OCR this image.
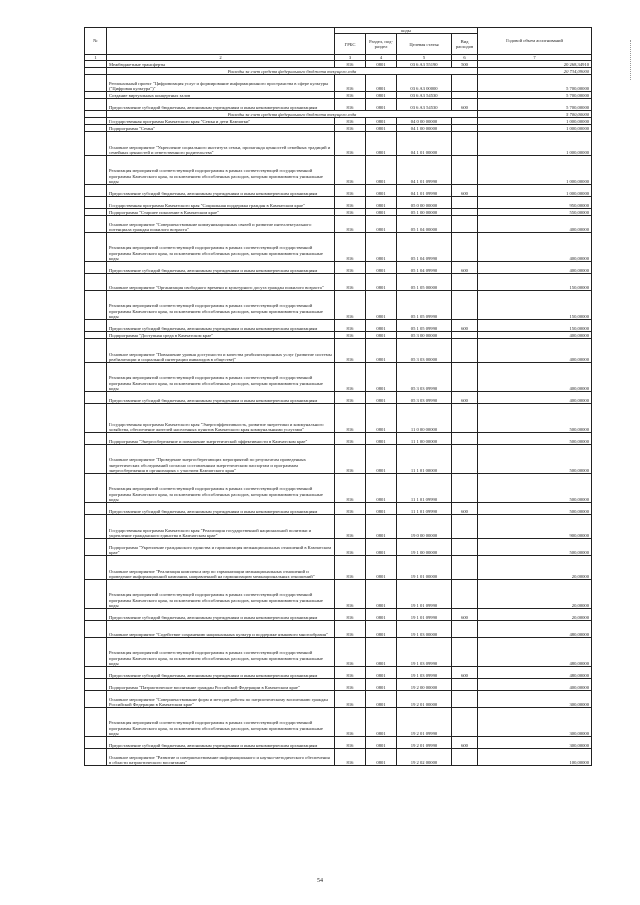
№		коды				Годовой объем ассигнований
		ГРБС	Раздел, под-раздел	Целевая статья	Вид расходов	
1	2	3	4	5	6	7
	Межбюджетные трансферты	816	0801	03 6 A3 55190	500	20 268,34910
	Расходы за счет средств федерального бюджета текущего года					20 734,09000
	Региональный проект "Цифровизация услуг и формирование информационного пространства в сфере культуры ("Цифровая культура")"	816	0801	03 6 A3 00000		5 700,00000
	Создание виртуальных концертных залов	816	0801	03 6 A3 54530		5 700,00000
	Предоставление субсидий бюджетным, автономным учреждениям и иным некоммерческим организациям	816	0801	03 6 A3 54530	600	5 700,00000
	Расходы за счет средств федерального бюджета текущего года					5 700,00000
	Государственная программа Камчатского края "Семья и дети Камчатки"	816	0801	04 0 00 00000		1 000,00000
	Подпрограмма "Семья"	816	0801	04 1 00 00000		1 000,00000
	Основное мероприятие "Укрепление социального института семьи, пропаганда ценностей семейных традиций и семейных ценностей и ответственного родительства"	816	0801	04 1 01 00000		1 000,00000
	Реализация мероприятий соответствующей подпрограммы в рамках соответствующей государственной программы Камчатского края, за исключением обособленных расходов, которым присваиваются уникальные коды	816	0801	04 1 01 09990		1 000,00000
	Предоставление субсидий бюджетным, автономным учреждениям и иным некоммерческим организациям	816	0801	04 1 01 09990	600	1 000,00000
	Государственная программа Камчатского края "Социальная поддержка граждан в Камчатском крае"	816	0801	05 0 00 00000		950,00000
	Подпрограмма "Старшее поколение в Камчатском крае"	816	0801	05 1 00 00000		550,00000
	Основное мероприятие "Совершенствование коммуникационных связей и развитие интеллектуального потенциала граждан пожилого возраста"	816	0801	05 1 04 00000		400,00000
	Реализация мероприятий соответствующей подпрограммы в рамках соответствующей государственной программы Камчатского края, за исключением обособленных расходов, которым присваиваются уникальные коды	816	0801	05 1 04 09990		400,00000
	Предоставление субсидий бюджетным, автономным учреждениям и иным некоммерческим организациям	816	0801	05 1 04 09990	600	400,00000
	Основное мероприятие "Организация свободного времени и культурного досуга граждан пожилого возраста"	816	0801	05 1 05 00000		150,00000
	Реализация мероприятий соответствующей подпрограммы в рамках соответствующей государственной программы Камчатского края, за исключением обособленных расходов, которым присваиваются уникальные коды	816	0801	05 1 05 09990		150,00000
	Предоставление субсидий бюджетным, автономным учреждениям и иным некоммерческим организациям	816	0801	05 1 05 09990	600	150,00000
	Подпрограмма "Доступная среда в Камчатском крае"	816	0801	05 3 00 00000		400,00000
	Основное мероприятие "Повышение уровня доступности и качества реабилитационных услуг (развитие системы реабилитации и социальной интеграции инвалидов в обществе)"	816	0801	05 3 03 00000		400,00000
	Реализация мероприятий соответствующей подпрограммы в рамках соответствующей государственной программы Камчатского края, за исключением обособленных расходов, которым присваиваются уникальные коды	816	0801	05 3 03 09990		400,00000
	Предоставление субсидий бюджетным, автономным учреждениям и иным некоммерческим организациям	816	0801	05 3 03 09990	600	400,00000
	Государственная программа Камчатского края "Энергоэффективность, развитие энергетики и коммунального хозяйства, обеспечение жителей населенных пунктов Камчатского края коммунальными услугами"	816	0801	11 0 00 00000		500,00000
	Подпрограмма "Энергосбережение и повышение энергетической эффективности в Камчатском крае"	816	0801	11 1 00 00000		500,00000
	Основное мероприятие "Проведение энергосберегающих мероприятий по результатам проведенных энергетических обследований согласно составленным энергетическим паспортам и программам энергосбережения в организациях с участием Камчатского края"	816	0801	11 1 01 00000		500,00000
	Реализация мероприятий соответствующей подпрограммы в рамках соответствующей государственной программы Камчатского края, за исключением обособленных расходов, которым присваиваются уникальные коды	816	0801	11 1 01 09990		500,00000
	Предоставление субсидий бюджетным, автономным учреждениям и иным некоммерческим организациям	816	0801	11 1 01 09990	600	500,00000
	Государственная программа Камчатского края "Реализация государственной национальной политики и укрепление гражданского единства в Камчатском крае"	816	0801	19 0 00 00000		900,00000
	Подпрограмма "Укрепление гражданского единства и гармонизация межнациональных отношений в Камчатском крае"	816	0801	19 1 00 00000		500,00000
	Основное мероприятие "Реализация комплекса мер по гармонизации межнациональных отношений и проведение информационной кампании, направленной на гармонизацию межнациональных отношений"	816	0801	19 1 01 00000		20,00000
	Реализация мероприятий соответствующей подпрограммы в рамках соответствующей государственной программы Камчатского края, за исключением обособленных расходов, которым присваиваются уникальные коды	816	0801	19 1 01 09990		20,00000
	Предоставление субсидий бюджетным, автономным учреждениям и иным некоммерческим организациям	816	0801	19 1 01 09990	600	20,00000
	Основное мероприятие "Содействие сохранению национальных культур и поддержке языкового многообразия"	816	0801	19 1 03 00000		480,00000
	Реализация мероприятий соответствующей подпрограммы в рамках соответствующей государственной программы Камчатского края, за исключением обособленных расходов, которым присваиваются уникальные коды	816	0801	19 1 03 09990		480,00000
	Предоставление субсидий бюджетным, автономным учреждениям и иным некоммерческим организациям	816	0801	19 1 03 09990	600	480,00000
	Подпрограмма "Патриотическое воспитание граждан Российской Федерации в Камчатском крае"	816	0801	19 2 00 00000		400,00000
	Основное мероприятие "Совершенствование форм и методов работы по патриотическому воспитанию граждан Российской Федерации в Камчатском крае"	816	0801	19 2 01 00000		300,00000
	Реализация мероприятий соответствующей подпрограммы в рамках соответствующей государственной программы Камчатского края, за исключением обособленных расходов, которым присваиваются уникальные коды	816	0801	19 2 01 09990		300,00000
	Предоставление субсидий бюджетным, автономным учреждениям и иным некоммерческим организациям	816	0801	19 2 01 09990	600	300,00000
	Основное мероприятие "Развитие и совершенствование информационного и научно-методического обеспечения в области патриотического воспитания"	816	0801	19 2 02 00000		100,00000
54
